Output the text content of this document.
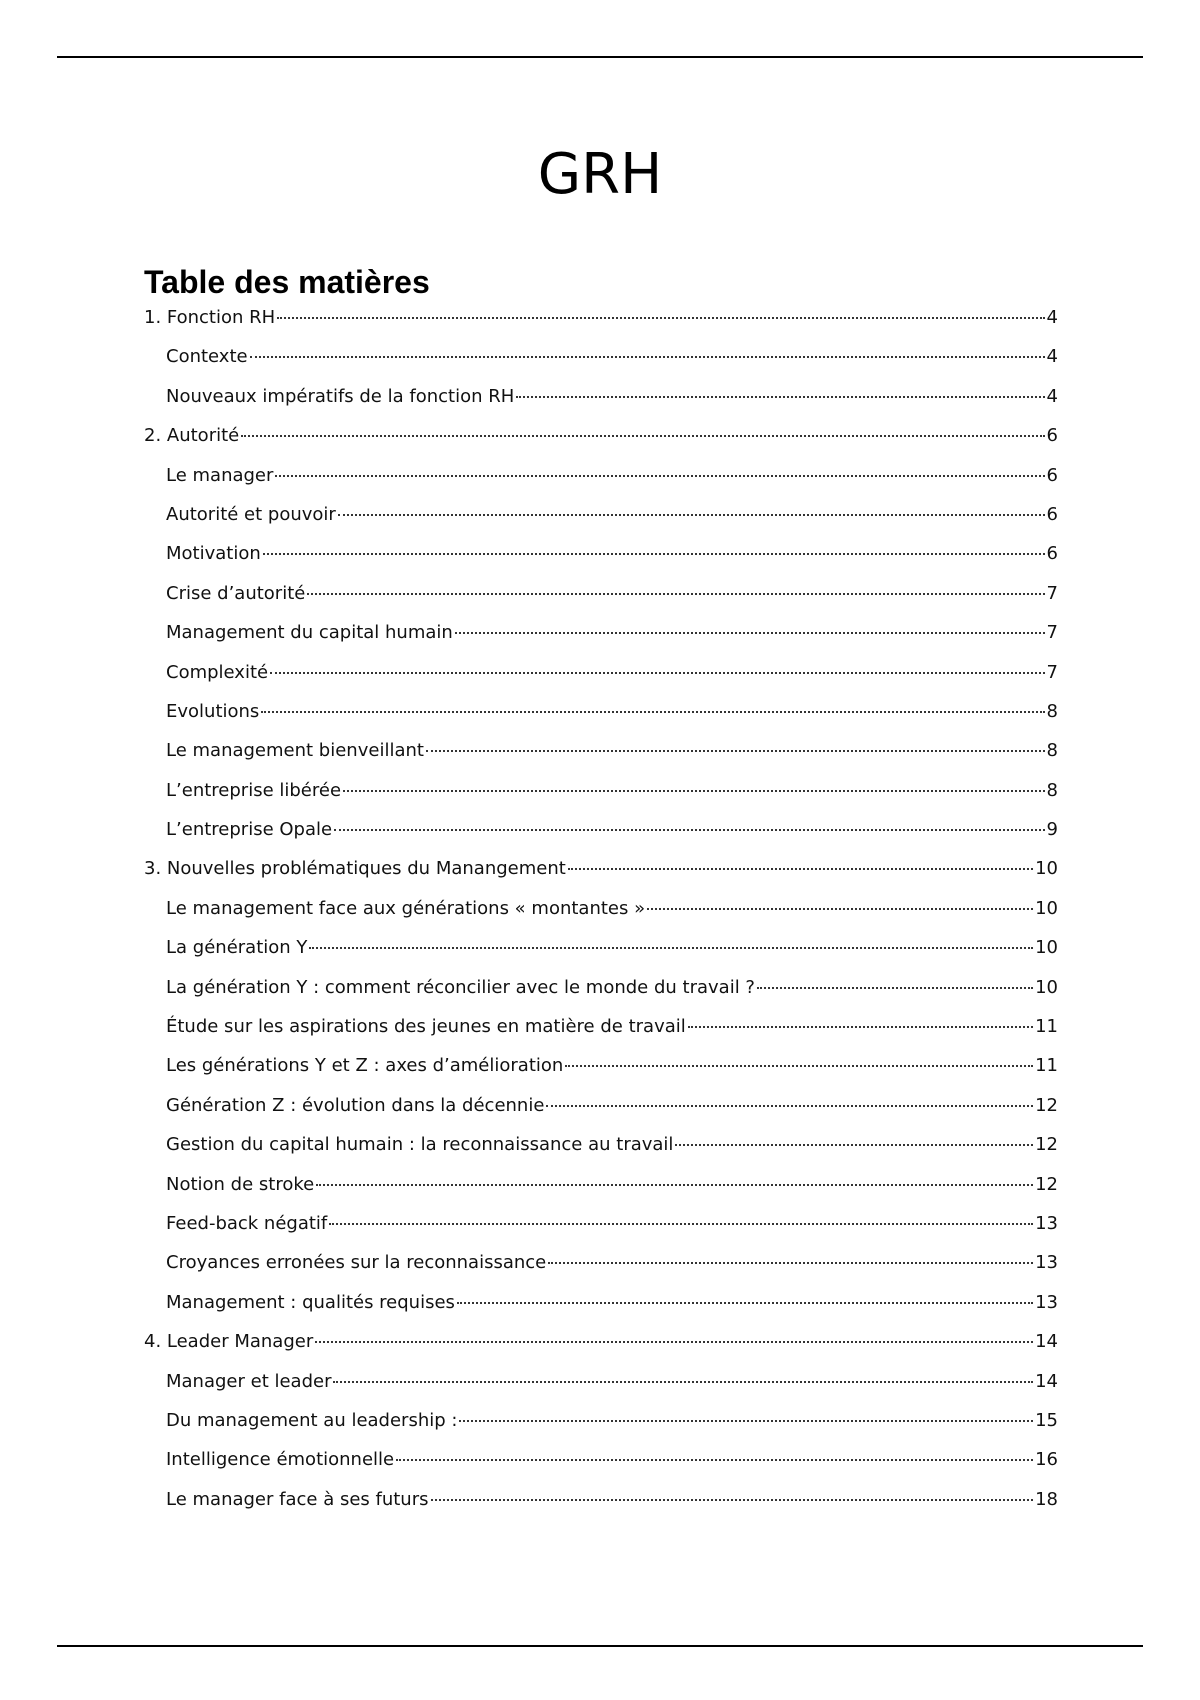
GRH
Table des matières
1. Fonction RH	4
Contexte	4
Nouveaux impératifs de la fonction RH	4
2. Autorité	6
Le manager	6
Autorité et pouvoir	6
Motivation	6
Crise d’autorité	7
Management du capital humain	7
Complexité	7
Evolutions	8
Le management bienveillant	8
L’entreprise libérée	8
L’entreprise Opale	9
3. Nouvelles problématiques du Manangement	10
Le management face aux générations « montantes »	10
La génération Y	10
La génération Y : comment réconcilier avec le monde du travail ?	10
Étude sur les aspirations des jeunes en matière de travail	11
Les générations Y et Z : axes d’amélioration	11
Génération Z : évolution dans la décennie	12
Gestion du capital humain : la reconnaissance au travail	12
Notion de stroke	12
Feed-back négatif	13
Croyances erronées sur la reconnaissance	13
Management : qualités requises	13
4. Leader Manager	14
Manager et leader	14
Du management au leadership :	15
Intelligence émotionnelle	16
Le manager face à ses futurs	18
